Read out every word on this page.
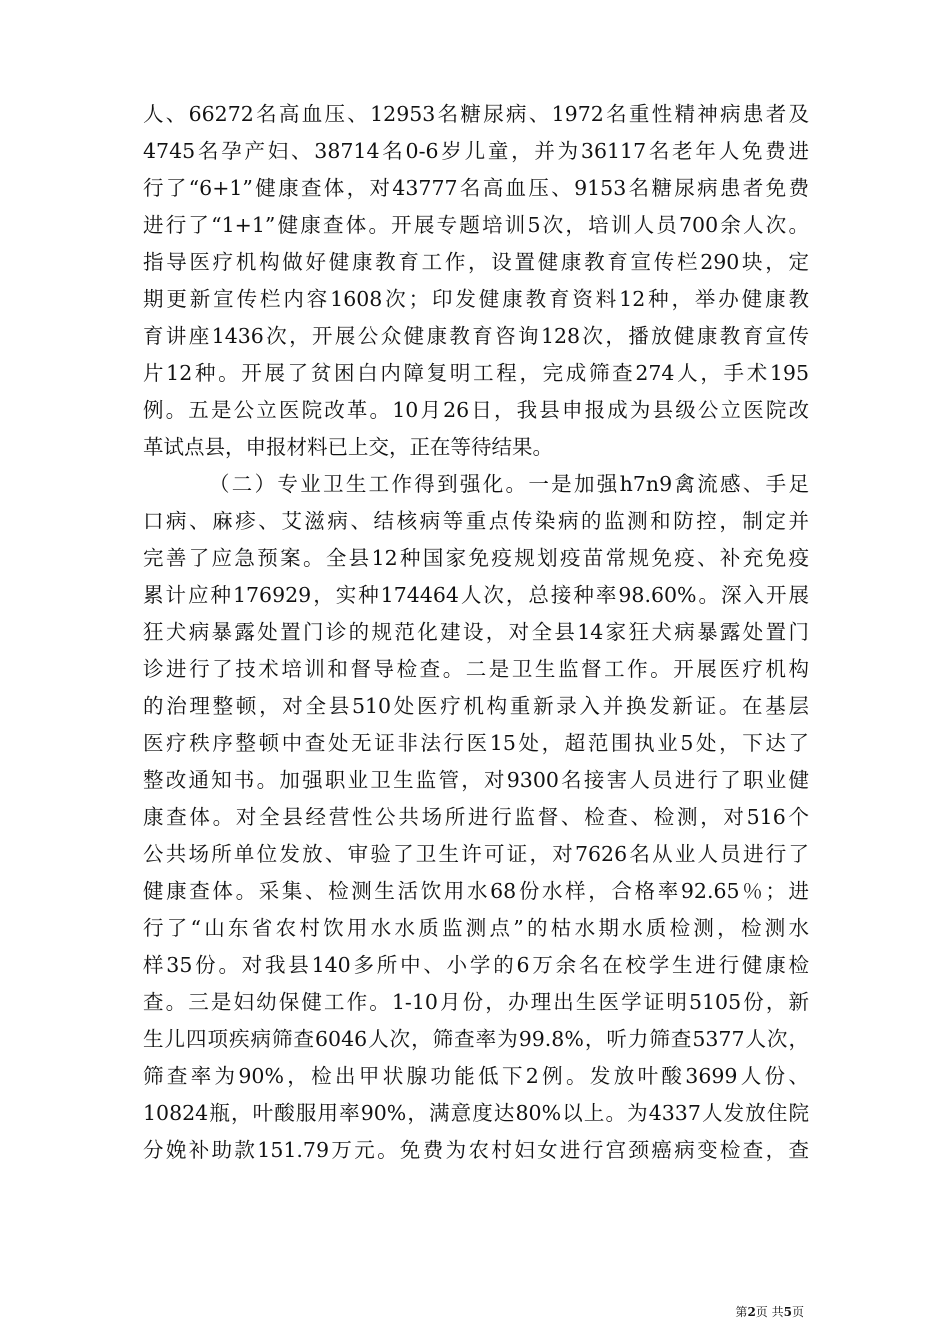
人、66272名高血压、12953名糖尿病、1972名重性精神病患者及
4745名孕产妇、38714名0-6岁儿童，并为36117名老年人免费进
行了“6+1”健康查体，对43777名高血压、9153名糖尿病患者免费
进行了“1+1”健康查体。开展专题培训5次，培训人员700余人次。
指导医疗机构做好健康教育工作，设置健康教育宣传栏290块，定
期更新宣传栏内容1608次；印发健康教育资料12种，举办健康教
育讲座1436次，开展公众健康教育咨询128次，播放健康教育宣传
片12种。开展了贫困白内障复明工程，完成筛查274人，手术195
例。五是公立医院改革。10月26日，我县申报成为县级公立医院改
革试点县，申报材料已上交，正在等待结果。
（二）专业卫生工作得到强化。一是加强h7n9禽流感、手足
口病、麻疹、艾滋病、结核病等重点传染病的监测和防控，制定并
完善了应急预案。全县12种国家免疫规划疫苗常规免疫、补充免疫
累计应种176929，实种174464人次，总接种率98.60%。深入开展
狂犬病暴露处置门诊的规范化建设，对全县14家狂犬病暴露处置门
诊进行了技术培训和督导检查。二是卫生监督工作。开展医疗机构
的治理整顿，对全县510处医疗机构重新录入并换发新证。在基层
医疗秩序整顿中查处无证非法行医15处，超范围执业5处，下达了
整改通知书。加强职业卫生监管，对9300名接害人员进行了职业健
康查体。对全县经营性公共场所进行监督、检查、检测，对516个
公共场所单位发放、审验了卫生许可证，对7626名从业人员进行了
健康查体。采集、检测生活饮用水68份水样，合格率92.65％；进
行了“山东省农村饮用水水质监测点”的枯水期水质检测，检测水
样35份。对我县140多所中、小学的6万余名在校学生进行健康检
查。三是妇幼保健工作。1-10月份，办理出生医学证明5105份，新
生儿四项疾病筛查6046人次，筛查率为99.8%，听力筛查5377人次，
筛查率为90%，检出甲状腺功能低下2例。发放叶酸3699人份、
10824瓶，叶酸服用率90%，满意度达80%以上。为4337人发放住院
分娩补助款151.79万元。免费为农村妇女进行宫颈癌病变检查，查
第2页 共5页
